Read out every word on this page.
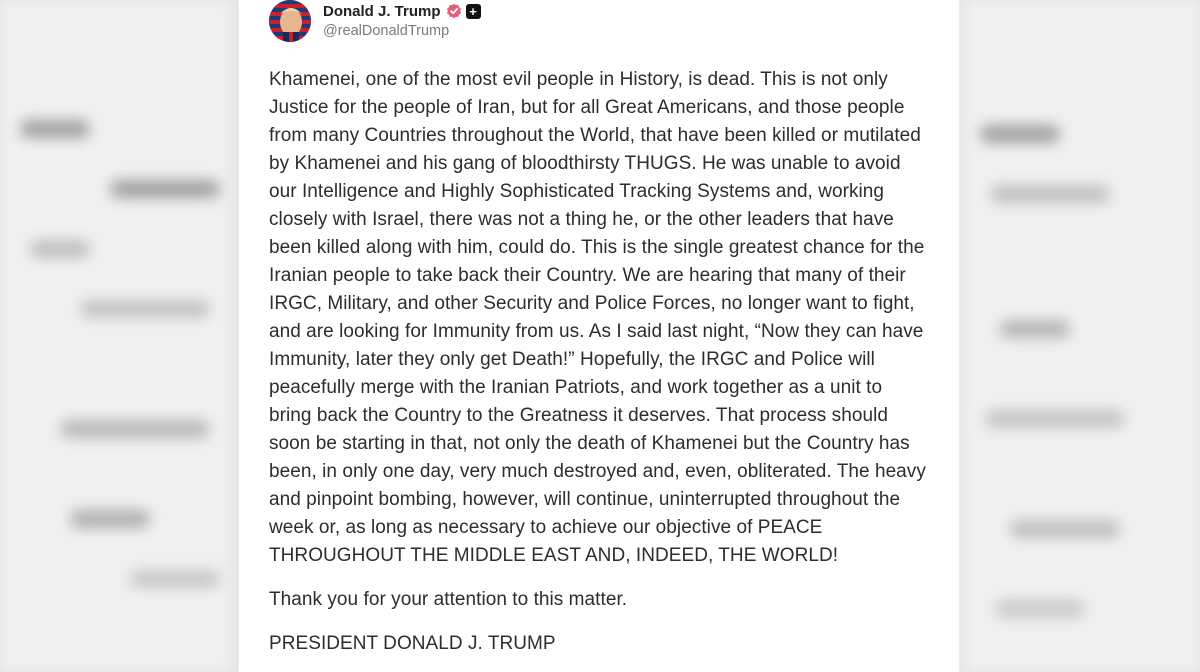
Donald J. Trump +
@realDonaldTrump

Khamenei, one of the most evil people in History, is dead. This is not only Justice for the people of Iran, but for all Great Americans, and those people from many Countries throughout the World, that have been killed or mutilated by Khamenei and his gang of bloodthirsty THUGS. He was unable to avoid our Intelligence and Highly Sophisticated Tracking Systems and, working closely with Israel, there was not a thing he, or the other leaders that have been killed along with him, could do. This is the single greatest chance for the Iranian people to take back their Country. We are hearing that many of their IRGC, Military, and other Security and Police Forces, no longer want to fight, and are looking for Immunity from us. As I said last night, “Now they can have Immunity, later they only get Death!” Hopefully, the IRGC and Police will peacefully merge with the Iranian Patriots, and work together as a unit to bring back the Country to the Greatness it deserves. That process should soon be starting in that, not only the death of Khamenei but the Country has been, in only one day, very much destroyed and, even, obliterated. The heavy and pinpoint bombing, however, will continue, uninterrupted throughout the week or, as long as necessary to achieve our objective of PEACE THROUGHOUT THE MIDDLE EAST AND, INDEED, THE WORLD!

Thank you for your attention to this matter.

PRESIDENT DONALD J. TRUMP
